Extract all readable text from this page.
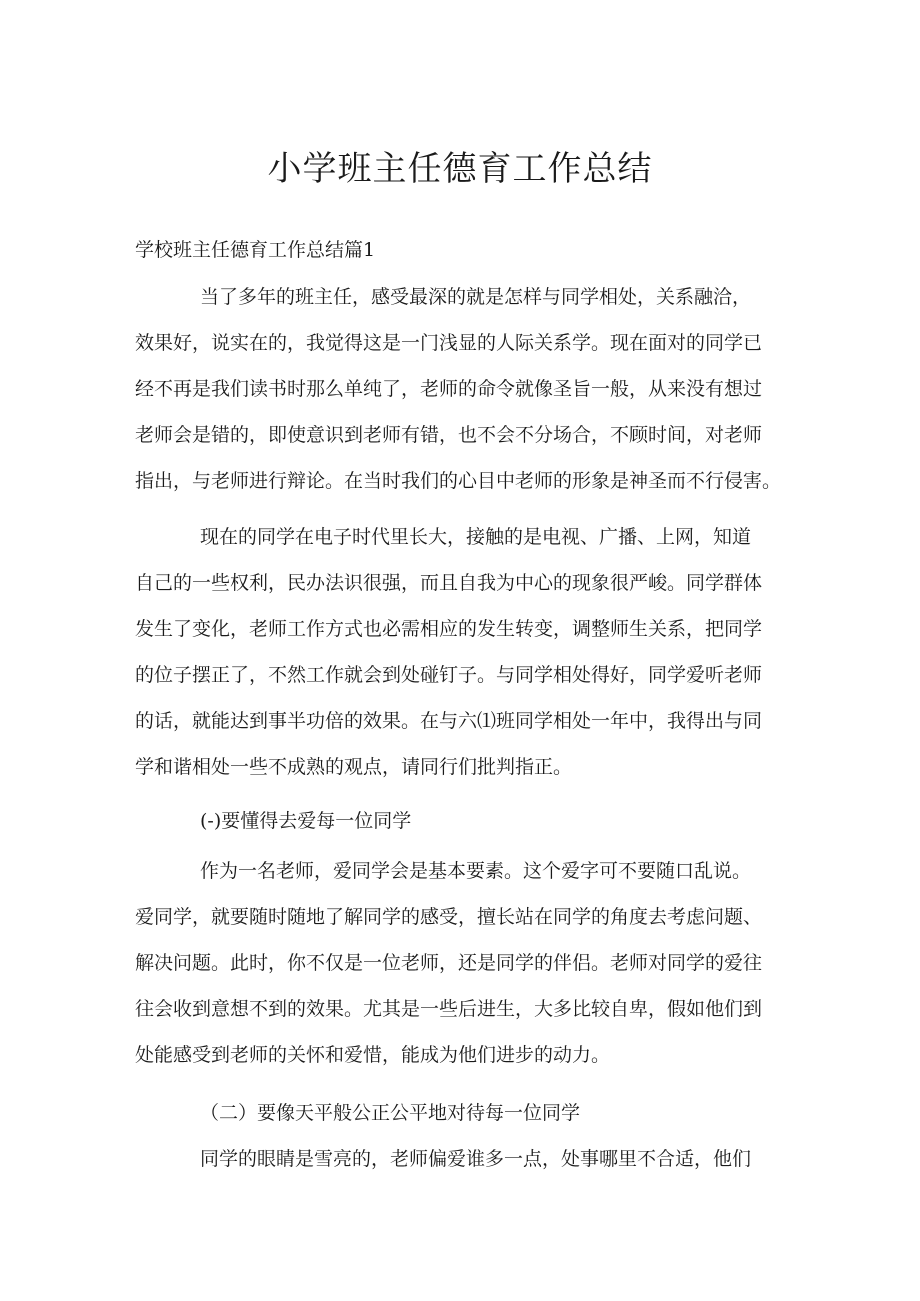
小学班主任德育工作总结
学校班主任德育工作总结篇1
当了多年的班主任，感受最深的就是怎样与同学相处，关系融洽，
效果好，说实在的，我觉得这是一门浅显的人际关系学。现在面对的同学已
经不再是我们读书时那么单纯了，老师的命令就像圣旨一般，从来没有想过
老师会是错的，即使意识到老师有错，也不会不分场合，不顾时间，对老师
指出，与老师进行辩论。在当时我们的心目中老师的形象是神圣而不行侵害。
现在的同学在电子时代里长大，接触的是电视、广播、上网，知道
自己的一些权利，民办法识很强，而且自我为中心的现象很严峻。同学群体
发生了变化，老师工作方式也必需相应的发生转变，调整师生关系，把同学
的位子摆正了，不然工作就会到处碰钉子。与同学相处得好，同学爱听老师
的话，就能达到事半功倍的效果。在与六⑴班同学相处一年中，我得出与同
学和谐相处一些不成熟的观点，请同行们批判指正。
(-)要懂得去爱每一位同学
作为一名老师，爱同学会是基本要素。这个爱字可不要随口乱说。
爱同学，就要随时随地了解同学的感受，擅长站在同学的角度去考虑问题、
解决问题。此时，你不仅是一位老师，还是同学的伴侣。老师对同学的爱往
往会收到意想不到的效果。尤其是一些后进生，大多比较自卑，假如他们到
处能感受到老师的关怀和爱惜，能成为他们进步的动力。
（二）要像天平般公正公平地对待每一位同学
同学的眼睛是雪亮的，老师偏爱谁多一点，处事哪里不合适，他们
